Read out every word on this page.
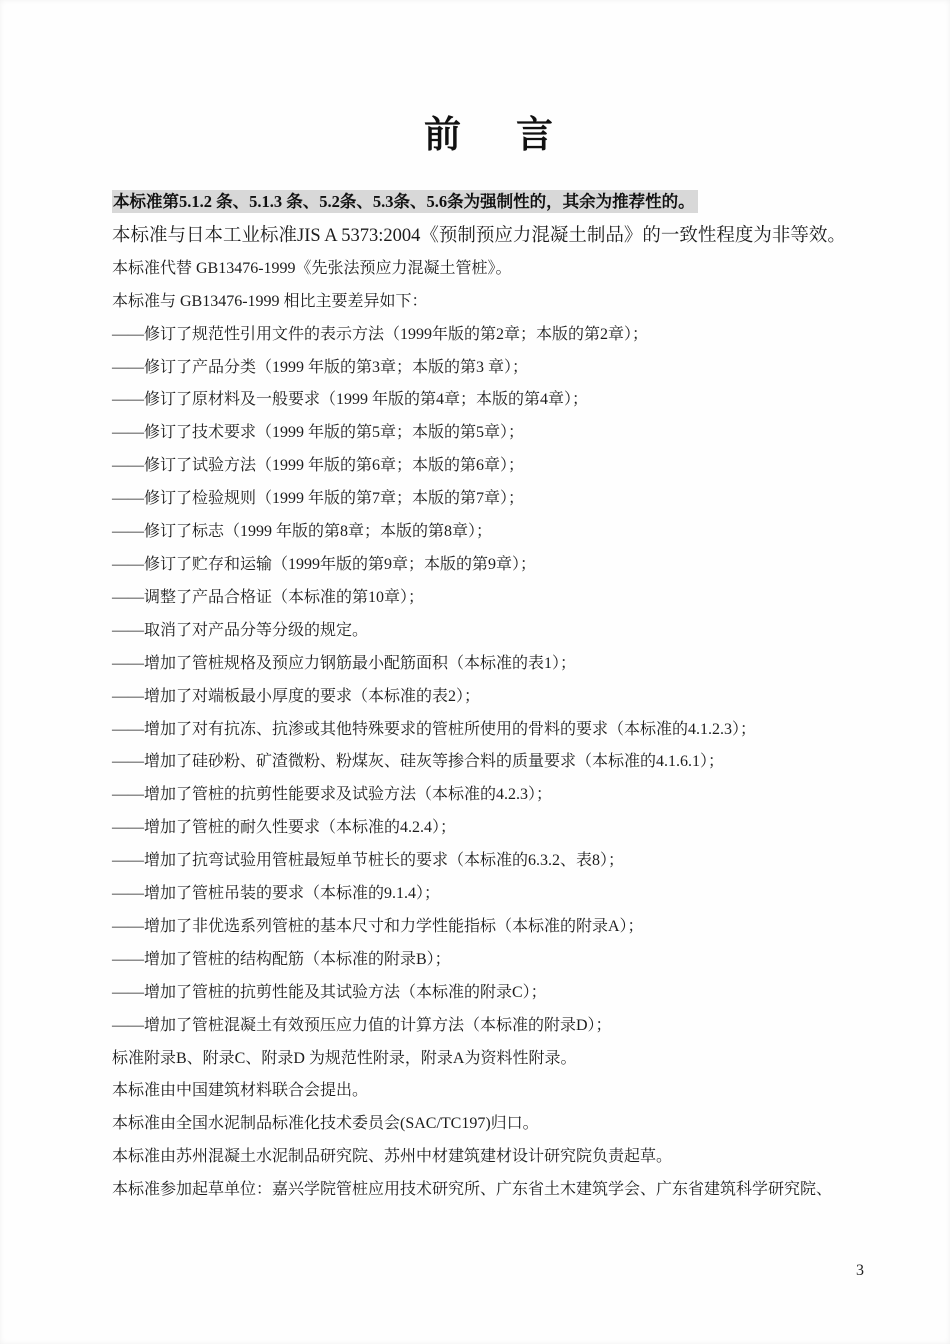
前　言

本标准第5.1.2 条、5.1.3 条、5.2条、5.3条、5.6条为强制性的，其余为推荐性的。

本标准与日本工业标准JIS A 5373:2004《预制预应力混凝土制品》的一致性程度为非等效。

本标准代替 GB13476-1999《先张法预应力混凝土管桩》。

本标准与 GB13476-1999 相比主要差异如下：

——修订了规范性引用文件的表示方法（1999年版的第2章；本版的第2章）；

——修订了产品分类（1999 年版的第3章；本版的第3 章）；

——修订了原材料及一般要求（1999 年版的第4章；本版的第4章）；

——修订了技术要求（1999 年版的第5章；本版的第5章）；

——修订了试验方法（1999 年版的第6章；本版的第6章）；

——修订了检验规则（1999 年版的第7章；本版的第7章）；

——修订了标志（1999 年版的第8章；本版的第8章）；

——修订了贮存和运输（1999年版的第9章；本版的第9章）；

——调整了产品合格证（本标准的第10章）；

——取消了对产品分等分级的规定。

——增加了管桩规格及预应力钢筋最小配筋面积（本标准的表1）；

——增加了对端板最小厚度的要求（本标准的表2）；

——增加了对有抗冻、抗渗或其他特殊要求的管桩所使用的骨料的要求（本标准的4.1.2.3）；

——增加了硅砂粉、矿渣微粉、粉煤灰、硅灰等掺合料的质量要求（本标准的4.1.6.1）；

——增加了管桩的抗剪性能要求及试验方法（本标准的4.2.3）；

——增加了管桩的耐久性要求（本标准的4.2.4）；

——增加了抗弯试验用管桩最短单节桩长的要求（本标准的6.3.2、表8）；

——增加了管桩吊装的要求（本标准的9.1.4）；

——增加了非优选系列管桩的基本尺寸和力学性能指标（本标准的附录A）；

——增加了管桩的结构配筋（本标准的附录B）；

——增加了管桩的抗剪性能及其试验方法（本标准的附录C）；

——增加了管桩混凝土有效预压应力值的计算方法（本标准的附录D）；

标准附录B、附录C、附录D 为规范性附录，附录A为资料性附录。

本标准由中国建筑材料联合会提出。

本标准由全国水泥制品标准化技术委员会(SAC/TC197)归口。

本标准由苏州混凝土水泥制品研究院、苏州中材建筑建材设计研究院负责起草。

本标准参加起草单位：嘉兴学院管桩应用技术研究所、广东省土木建筑学会、广东省建筑科学研究院、

3
